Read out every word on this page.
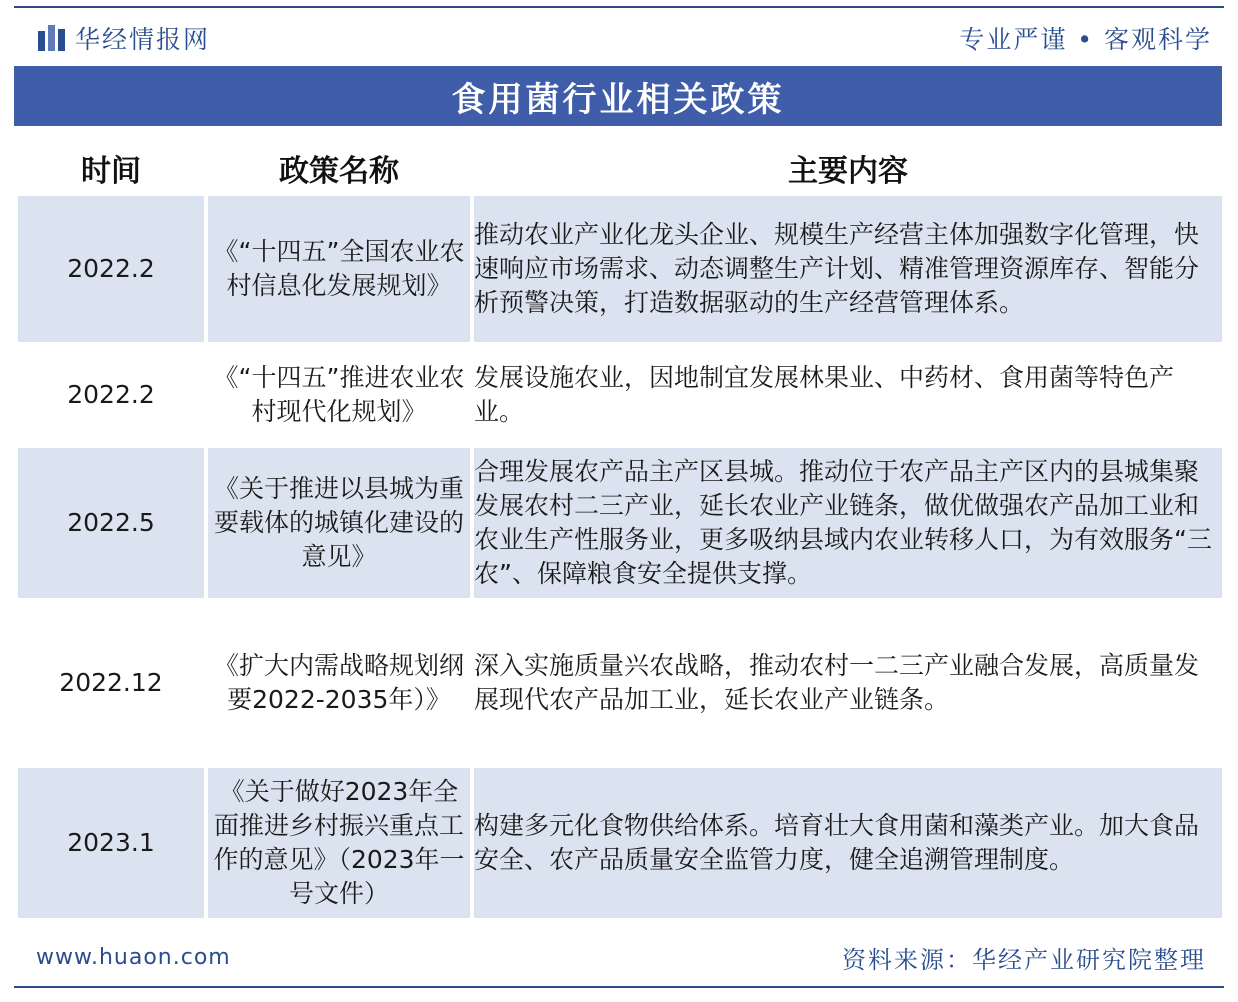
华经情报网	专业严谨 • 客观科学
食用菌行业相关政策
时间	政策名称	主要内容
2022.2	《“十四五”全国农业农村信息化发展规划》	推动农业产业化龙头企业、规模生产经营主体加强数字化管理，快速响应市场需求、动态调整生产计划、精准管理资源库存、智能分析预警决策，打造数据驱动的生产经营管理体系。
2022.2	《“十四五”推进农业农村现代化规划》	发展设施农业，因地制宜发展林果业、中药材、食用菌等特色产业。
2022.5	《关于推进以县城为重要载体的城镇化建设的意见》	合理发展农产品主产区县城。推动位于农产品主产区内的县城集聚发展农村二三产业，延长农业产业链条，做优做强农产品加工业和农业生产性服务业，更多吸纳县域内农业转移人口，为有效服务“三农”、保障粮食安全提供支撑。
2022.12	《扩大内需战略规划纲要2022-2035年）》	深入实施质量兴农战略，推动农村一二三产业融合发展，高质量发展现代农产品加工业，延长农业产业链条。
2023.1	《关于做好2023年全面推进乡村振兴重点工作的意见》（2023年一号文件）	构建多元化食物供给体系。培育壮大食用菌和藻类产业。加大食品安全、农产品质量安全监管力度，健全追溯管理制度。
www.huaon.com	资料来源：华经产业研究院整理
